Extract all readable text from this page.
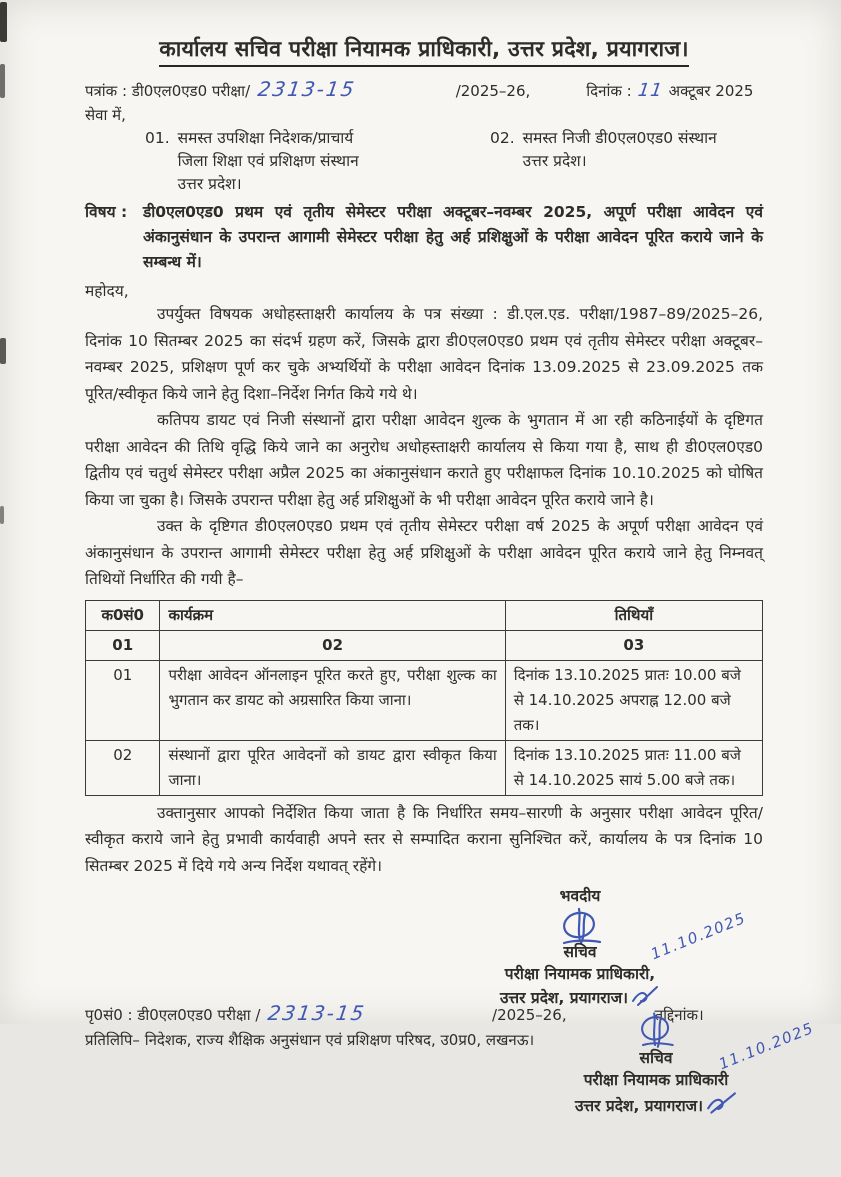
कार्यालय सचिव परीक्षा नियामक प्राधिकारी, उत्तर प्रदेश, प्रयागराज।
पत्रांक : डी0एल0एड0 परीक्षा/ 2313-15	/2025–26,	दिनांक : 11 अक्टूबर 2025
सेवा में,
01. समस्त उपशिक्षा निदेशक/प्राचार्य
जिला शिक्षा एवं प्रशिक्षण संस्थान
उत्तर प्रदेश।
02. समस्त निजी डी0एल0एड0 संस्थान
उत्तर प्रदेश।
विषय :	डी0एल0एड0 प्रथम एवं तृतीय सेमेस्टर परीक्षा अक्टूबर–नवम्बर 2025, अपूर्ण परीक्षा आवेदन एवं अंकानुसंधान के उपरान्त आगामी सेमेस्टर परीक्षा हेतु अर्ह प्रशिक्षुओं के परीक्षा आवेदन पूरित कराये जाने के सम्बन्ध में।
महोदय,

उपर्युक्त विषयक अधोहस्ताक्षरी कार्यालय के पत्र संख्या : डी.एल.एड. परीक्षा/1987–89/2025–26, दिनांक 10 सितम्बर 2025 का संदर्भ ग्रहण करें, जिसके द्वारा डी0एल0एड0 प्रथम एवं तृतीय सेमेस्टर परीक्षा अक्टूबर–नवम्बर 2025, प्रशिक्षण पूर्ण कर चुके अभ्यर्थियों के परीक्षा आवेदन दिनांक 13.09.2025 से 23.09.2025 तक पूरित/स्वीकृत किये जाने हेतु दिशा–निर्देश निर्गत किये गये थे।

कतिपय डायट एवं निजी संस्थानों द्वारा परीक्षा आवेदन शुल्क के भुगतान में आ रही कठिनाईयों के दृष्टिगत परीक्षा आवेदन की तिथि वृद्धि किये जाने का अनुरोध अधोहस्ताक्षरी कार्यालय से किया गया है, साथ ही डी0एल0एड0 द्वितीय एवं चतुर्थ सेमेस्टर परीक्षा अप्रैल 2025 का अंकानुसंधान कराते हुए परीक्षाफल दिनांक 10.10.2025 को घोषित किया जा चुका है। जिसके उपरान्त परीक्षा हेतु अर्ह प्रशिक्षुओं के भी परीक्षा आवेदन पूरित कराये जाने है।

उक्त के दृष्टिगत डी0एल0एड0 प्रथम एवं तृतीय सेमेस्टर परीक्षा वर्ष 2025 के अपूर्ण परीक्षा आवेदन एवं अंकानुसंधान के उपरान्त आगामी सेमेस्टर परीक्षा हेतु अर्ह प्रशिक्षुओं के परीक्षा आवेदन पूरित कराये जाने हेतु निम्नवत् तिथियों निर्धारित की गयी है–

क0सं0	कार्यक्रम	तिथियाँ
01	02	03
01	परीक्षा आवेदन ऑनलाइन पूरित करते हुए, परीक्षा शुल्क का भुगतान कर डायट को अग्रसारित किया जाना।	दिनांक 13.10.2025 प्रातः 10.00 बजे से 14.10.2025 अपराह्न 12.00 बजे तक।
02	संस्थानों द्वारा पूरित आवेदनों को डायट द्वारा स्वीकृत किया जाना।	दिनांक 13.10.2025 प्रातः 11.00 बजे से 14.10.2025 सायं 5.00 बजे तक।

उक्तानुसार आपको निर्देशित किया जाता है कि निर्धारित समय–सारणी के अनुसार परीक्षा आवेदन पूरित/स्वीकृत कराये जाने हेतु प्रभावी कार्यवाही अपने स्तर से सम्पादित कराना सुनिश्चित करें, कार्यालय के पत्र दिनांक 10 सितम्बर 2025 में दिये गये अन्य निर्देश यथावत् रहेंगे।

भवदीय
11.10.2025
सचिव
परीक्षा नियामक प्राधिकारी,
उत्तर प्रदेश, प्रयागराज।
पृ0सं0 : डी0एल0एड0 परीक्षा / 2313-15	/2025–26,	तद्दिनांक।
प्रतिलिपि– निदेशक, राज्य शैक्षिक अनुसंधान एवं प्रशिक्षण परिषद, उ0प्र0, लखनऊ।	11.10.2025
सचिव
परीक्षा नियामक प्राधिकारी
उत्तर प्रदेश, प्रयागराज।
